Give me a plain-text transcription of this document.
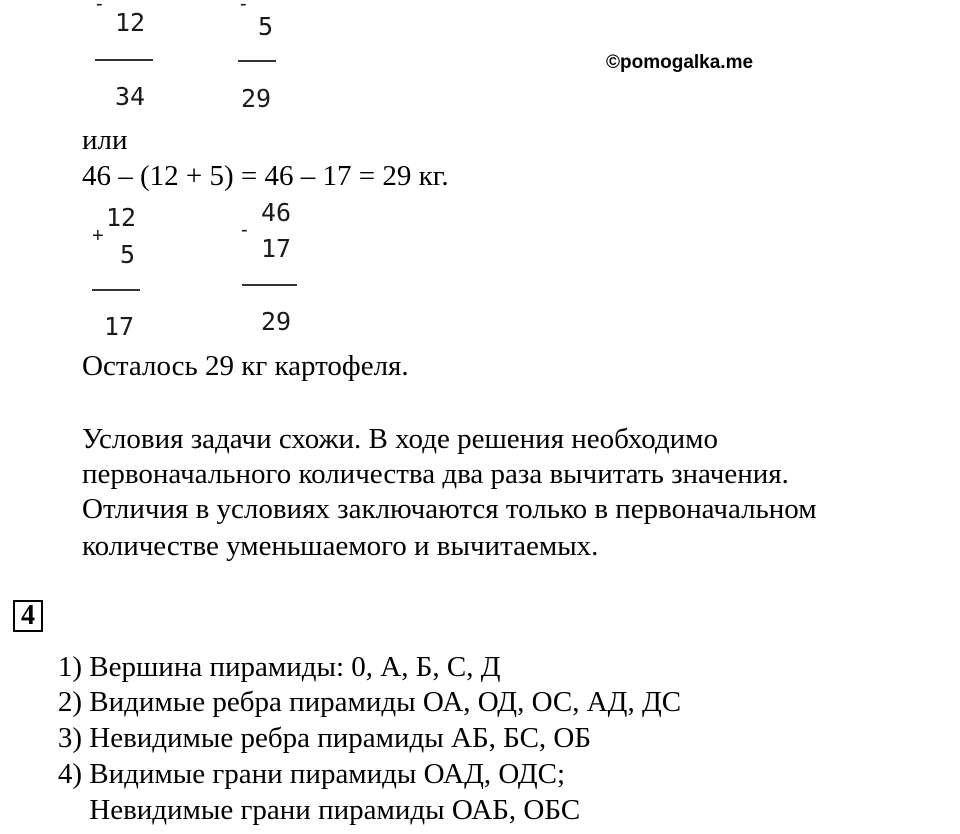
©pomogalka.me
-
12
34
-
5
29
или
46 – (12 + 5) = 46 – 17 = 29 кг.
12
+
5
17
46
-
17
29
Осталось 29 кг картофеля.
Условия задачи схожи. В ходе решения необходимо
первоначального количества два раза вычитать значения.
Отличия в условиях заключаются только в первоначальном
количестве уменьшаемого и вычитаемых.
4
1) Вершина пирамиды: 0, А, Б, С, Д
2) Видимые ребра пирамиды ОА, ОД, ОС, АД, ДС
3) Невидимые ребра пирамиды АБ, БС, ОБ
4) Видимые грани пирамиды ОАД, ОДС;
Невидимые грани пирамиды ОАБ, ОБС
